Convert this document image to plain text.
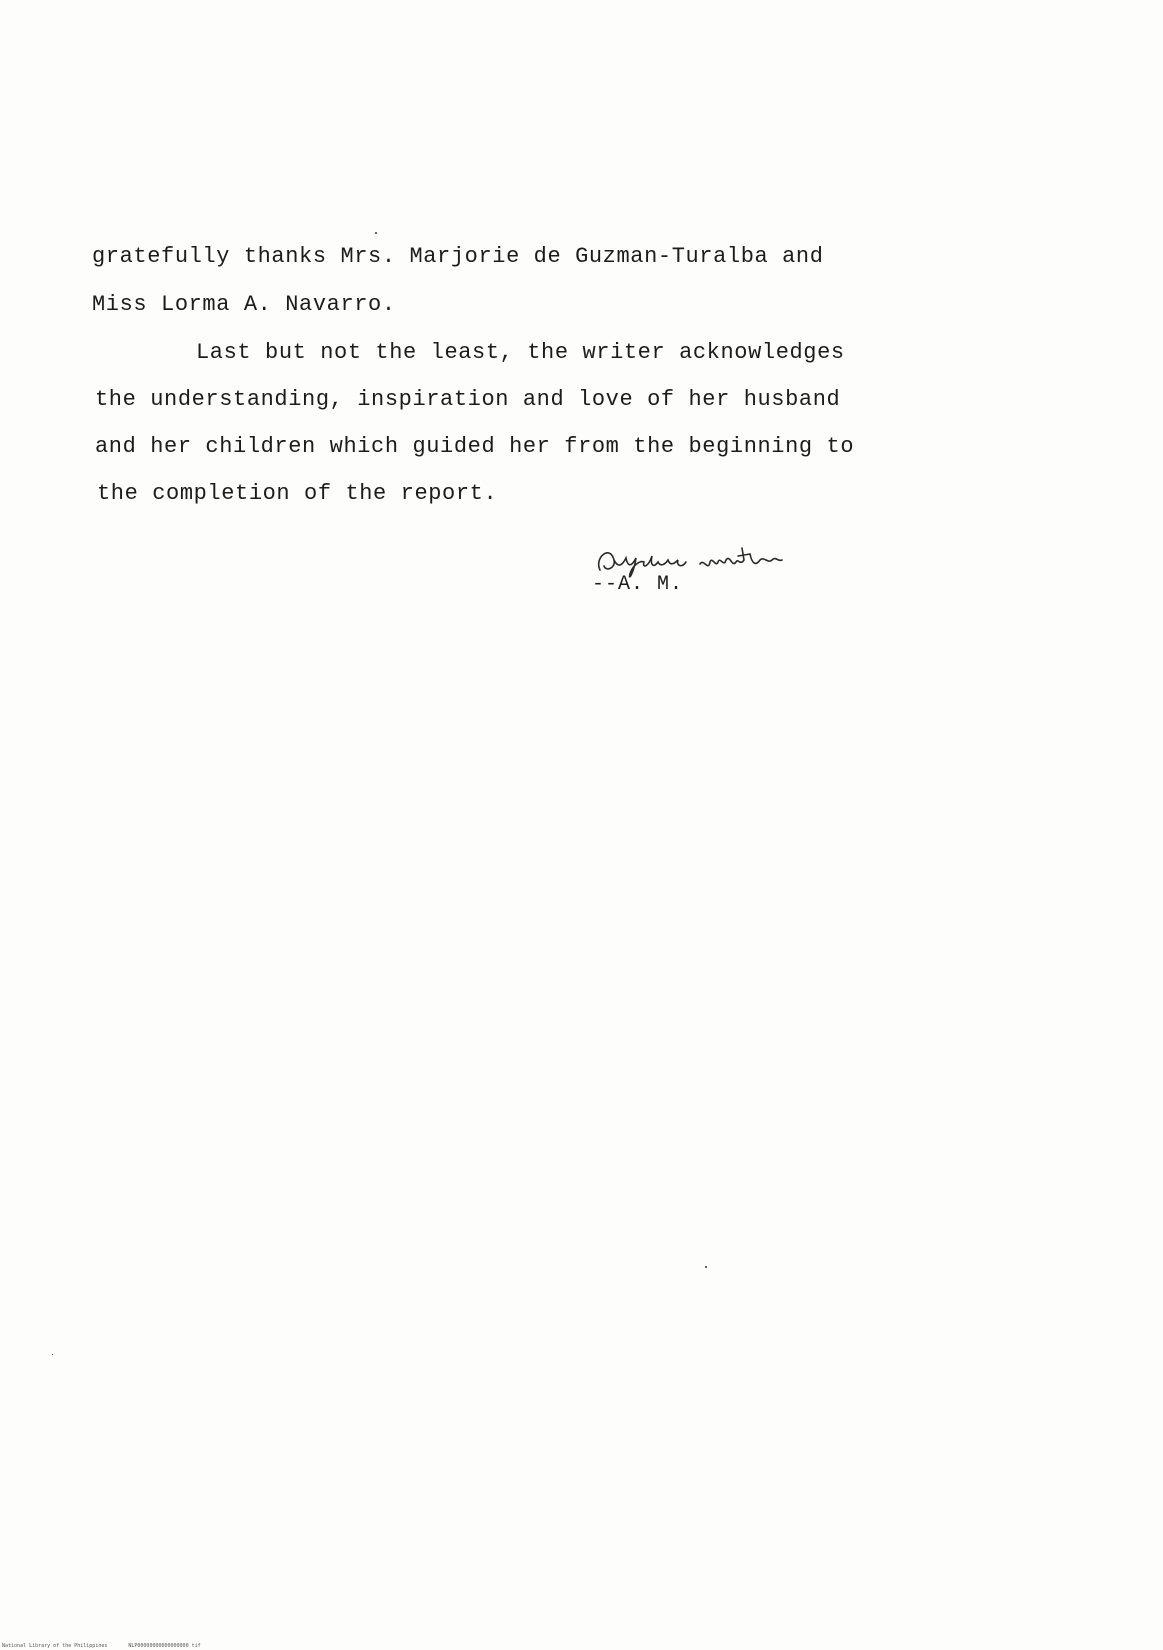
gratefully thanks Mrs. Marjorie de Guzman-Turalba and
Miss Lorma A. Navarro.
Last but not the least, the writer acknowledges
the understanding, inspiration and love of her husband
and her children which guided her from the beginning to
the completion of the report.
--A. M.
National Library of the Philippines	NLP00000000000000000 tif
